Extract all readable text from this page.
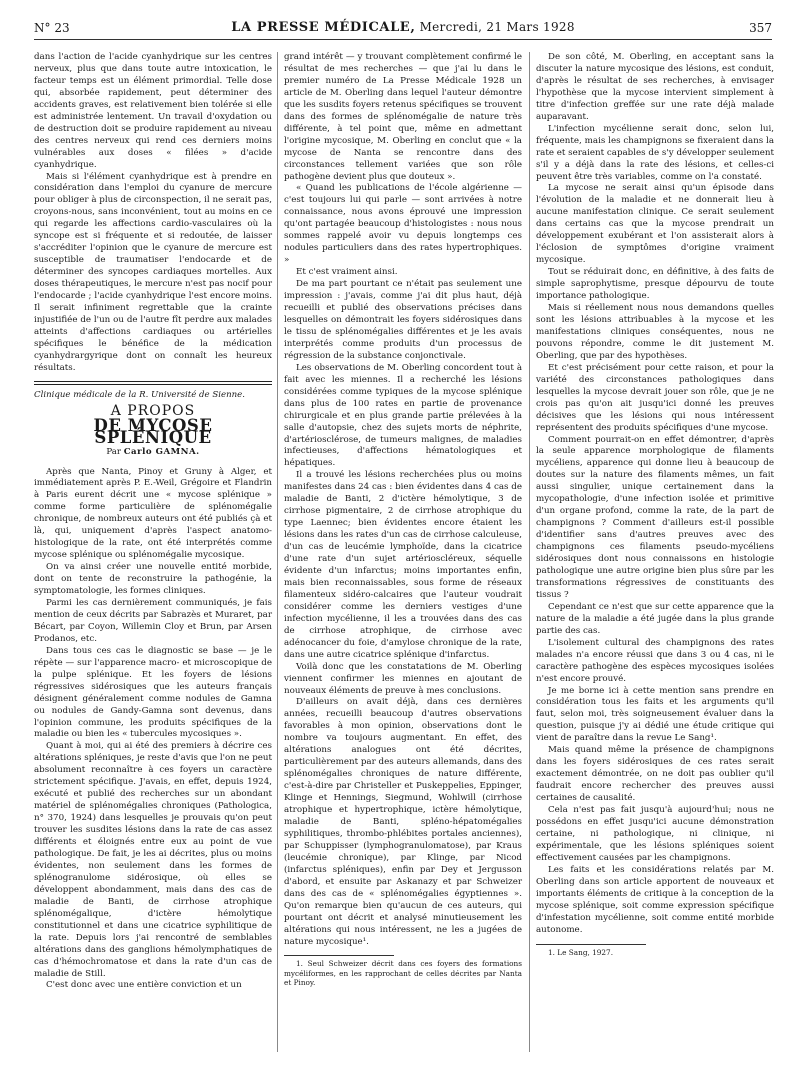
N° 23	LA PRESSE MÉDICALE, Mercredi, 21 Mars 1928	357

dans l'action de l'acide cyanhydrique sur les centres nerveux, plus que dans toute autre intoxication, le facteur temps est un élément primordial. Telle dose qui, absorbée rapidement, peut déterminer des accidents graves, est relativement bien tolérée si elle est administrée lentement. Un travail d'oxydation ou de destruction doit se produire rapidement au niveau des centres nerveux qui rend ces derniers moins vulnérables aux doses « filées » d'acide cyanhydrique.

Mais si l'élément cyanhydrique est à prendre en considération dans l'emploi du cyanure de mercure pour obliger à plus de circonspection, il ne serait pas, croyons-nous, sans inconvénient, tout au moins en ce qui regarde les affections cardio-vasculaires où la syncope est si fréquente et si redoutée, de laisser s'accréditer l'opinion que le cyanure de mercure est susceptible de traumatiser l'endocarde et de déterminer des syncopes cardiaques mortelles. Aux doses thérapeutiques, le mercure n'est pas nocif pour l'endocarde ; l'acide cyanhydrique l'est encore moins. Il serait infiniment regrettable que la crainte injustifiée de l'un ou de l'autre fît perdre aux malades atteints d'affections cardiaques ou artérielles spécifiques le bénéfice de la médication cyanhydrargyrique dont on connaît les heureux résultats.

Clinique médicale de la R. Université de Sienne.

A PROPOS
DE MYCOSE SPLÉNIQUE
Par Carlo GAMNA.

Après que Nanta, Pinoy et Gruny à Alger, et immédiatement après P. E.-Weil, Grégoire et Flandrin à Paris eurent décrit une « mycose splénique » comme forme particulière de splénomégalie chronique, de nombreux auteurs ont été publiés çà et là, qui, uniquement d'après l'aspect anatomo-histologique de la rate, ont été interprétés comme mycose splénique ou splénomégalie mycosique.

On va ainsi créer une nouvelle entité morbide, dont on tente de reconstruire la pathogénie, la symptomatologie, les formes cliniques.

Parmi les cas dernièrement communiqués, je fais mention de ceux décrits par Sabrazès et Muraret, par Bécart, par Coyon, Willemin Cloy et Brun, par Arsen Prodanos, etc.

Dans tous ces cas le diagnostic se base — je le répète — sur l'apparence macro- et microscopique de la pulpe splénique. Et les foyers de lésions régressives sidérosiques que les auteurs français désignent généralement comme nodules de Gamna ou nodules de Gandy-Gamna sont devenus, dans l'opinion commune, les produits spécifiques de la maladie ou bien les « tubercules mycosiques ».

Quant à moi, qui ai été des premiers à décrire ces altérations spléniques, je reste d'avis que l'on ne peut absolument reconnaître à ces foyers un caractère strictement spécifique. J'avais, en effet, depuis 1924, exécuté et publié des recherches sur un abondant matériel de splénomégalies chroniques (Pathologica, n° 370, 1924) dans lesquelles je prouvais qu'on peut trouver les susdites lésions dans la rate de cas assez différents et éloignés entre eux au point de vue pathologique. De fait, je les ai décrites, plus ou moins évidentes, non seulement dans les formes de splénogranulome sidérosique, où elles se développent abondamment, mais dans des cas de maladie de Banti, de cirrhose atrophique splénomégalique, d'ictère hémolytique constitutionnel et dans une cicatrice syphilitique de la rate. Depuis lors j'ai rencontré de semblables altérations dans des ganglions hémolymphatiques de cas d'hémochromatose et dans la rate d'un cas de maladie de Still.

C'est donc avec une entière conviction et un

grand intérêt — y trouvant complètement confirmé le résultat de mes recherches — que j'ai lu dans le premier numéro de La Presse Médicale 1928 un article de M. Oberling dans lequel l'auteur démontre que les susdits foyers retenus spécifiques se trouvent dans des formes de splénomégalie de nature très différente, à tel point que, même en admettant l'origine mycosique, M. Oberling en conclut que « la mycose de Nanta se rencontre dans des circonstances tellement variées que son rôle pathogène devient plus que douteux ».

« Quand les publications de l'école algérienne — c'est toujours lui qui parle — sont arrivées à notre connaissance, nous avons éprouvé une impression qu'ont partagée beaucoup d'histologistes : nous nous sommes rappelé avoir vu depuis longtemps ces nodules particuliers dans des rates hypertrophiques. »

Et c'est vraiment ainsi.

De ma part pourtant ce n'était pas seulement une impression : j'avais, comme j'ai dit plus haut, déjà recueilli et publié des observations précises dans lesquelles on démontrait les foyers sidérosiques dans le tissu de splénomégalies différentes et je les avais interprétés comme produits d'un processus de régression de la substance conjonctivale.

Les observations de M. Oberling concordent tout à fait avec les miennes. Il a recherché les lésions considérées comme typiques de la mycose splénique dans plus de 100 rates en partie de provenance chirurgicale et en plus grande partie prélevées à la salle d'autopsie, chez des sujets morts de néphrite, d'artériosclérose, de tumeurs malignes, de maladies infectieuses, d'affections hématologiques et hépatiques.

Il a trouvé les lésions recherchées plus ou moins manifestes dans 24 cas : bien évidentes dans 4 cas de maladie de Banti, 2 d'ictère hémolytique, 3 de cirrhose pigmentaire, 2 de cirrhose atrophique du type Laennec; bien évidentes encore étaient les lésions dans les rates d'un cas de cirrhose calculeuse, d'un cas de leucémie lymphoïde, dans la cicatrice d'une rate d'un sujet artérioscléreux, séquelle évidente d'un infarctus; moins importantes enfin, mais bien reconnaissables, sous forme de réseaux filamenteux sidéro-calcaires que l'auteur voudrait considérer comme les derniers vestiges d'une infection mycélienne, il les a trouvées dans des cas de cirrhose atrophique, de cirrhose avec adénocancer du foie, d'amylose chronique de la rate, dans une autre cicatrice splénique d'infarctus.

Voilà donc que les constatations de M. Oberling viennent confirmer les miennes en ajoutant de nouveaux éléments de preuve à mes conclusions.

D'ailleurs on avait déjà, dans ces dernières années, recueilli beaucoup d'autres observations favorables à mon opinion, observations dont le nombre va toujours augmentant. En effet, des altérations analogues ont été décrites, particulièrement par des auteurs allemands, dans des splénomégalies chroniques de nature différente, c'est-à-dire par Christeller et Puskeppelies, Eppinger, Klinge et Hennings, Siegmund, Wohlwill (cirrhose atrophique et hypertrophique, ictère hémolytique, maladie de Banti, spléno-hépatomégalies syphilitiques, thrombo-phlébites portales anciennes), par Schuppisser (lymphogranulomatose), par Kraus (leucémie chronique), par Klinge, par Nicod (infarctus spléniques), enfin par Dey et Jergusson d'abord, et ensuite par Askanazy et par Schweizer dans des cas de « splénomégalies égyptiennes ». Qu'on remarque bien qu'aucun de ces auteurs, qui pourtant ont décrit et analysé minutieusement les altérations qui nous intéressent, ne les a jugées de nature mycosique¹.

1. Seul Schweizer décrit dans ces foyers des formations mycéliformes, en les rapprochant de celles décrites par Nanta et Pinoy.

De son côté, M. Oberling, en acceptant sans la discuter la nature mycosique des lésions, est conduit, d'après le résultat de ses recherches, à envisager l'hypothèse que la mycose intervient simplement à titre d'infection greffée sur une rate déjà malade auparavant.

L'infection mycélienne serait donc, selon lui, fréquente, mais les champignons se fixeraient dans la rate et seraient capables de s'y développer seulement s'il y a déjà dans la rate des lésions, et celles-ci peuvent être très variables, comme on l'a constaté.

La mycose ne serait ainsi qu'un épisode dans l'évolution de la maladie et ne donnerait lieu à aucune manifestation clinique. Ce serait seulement dans certains cas que la mycose prendrait un développement exubérant et l'on assisterait alors à l'éclosion de symptômes d'origine vraiment mycosique.

Tout se réduirait donc, en définitive, à des faits de simple saprophytisme, presque dépourvu de toute importance pathologique.

Mais si réellement nous nous demandons quelles sont les lésions attribuables à la mycose et les manifestations cliniques conséquentes, nous ne pouvons répondre, comme le dit justement M. Oberling, que par des hypothèses.

Et c'est précisément pour cette raison, et pour la variété des circonstances pathologiques dans lesquelles la mycose devrait jouer son rôle, que je ne crois pas qu'on ait jusqu'ici donné les preuves décisives que les lésions qui nous intéressent représentent des produits spécifiques d'une mycose.

Comment pourrait-on en effet démontrer, d'après la seule apparence morphologique de filaments mycéliens, apparence qui donne lieu à beaucoup de doutes sur la nature des filaments mêmes, un fait aussi singulier, unique certainement dans la mycopathologie, d'une infection isolée et primitive d'un organe profond, comme la rate, de la part de champignons ? Comment d'ailleurs est-il possible d'identifier sans d'autres preuves avec des champignons ces filaments pseudo-mycéliens sidérosiques dont nous connaissons en histologie pathologique une autre origine bien plus sûre par les transformations régressives de constituants des tissus ?

Cependant ce n'est que sur cette apparence que la nature de la maladie a été jugée dans la plus grande partie des cas.

L'isolement cultural des champignons des rates malades n'a encore réussi que dans 3 ou 4 cas, ni le caractère pathogène des espèces mycosiques isolées n'est encore prouvé.

Je me borne ici à cette mention sans prendre en considération tous les faits et les arguments qu'il faut, selon moi, très soigneusement évaluer dans la question, puisque j'y ai dédié une étude critique qui vient de paraître dans la revue Le Sang¹.

Mais quand même la présence de champignons dans les foyers sidérosiques de ces rates serait exactement démontrée, on ne doit pas oublier qu'il faudrait encore rechercher des preuves aussi certaines de causalité.

Cela n'est pas fait jusqu'à aujourd'hui; nous ne possédons en effet jusqu'ici aucune démonstration certaine, ni pathologique, ni clinique, ni expérimentale, que les lésions spléniques soient effectivement causées par les champignons.

Les faits et les considérations relatés par M. Oberling dans son article apportent de nouveaux et importants éléments de critique à la conception de la mycose splénique, soit comme expression spécifique d'infestation mycélienne, soit comme entité morbide autonome.

1. Le Sang, 1927.
